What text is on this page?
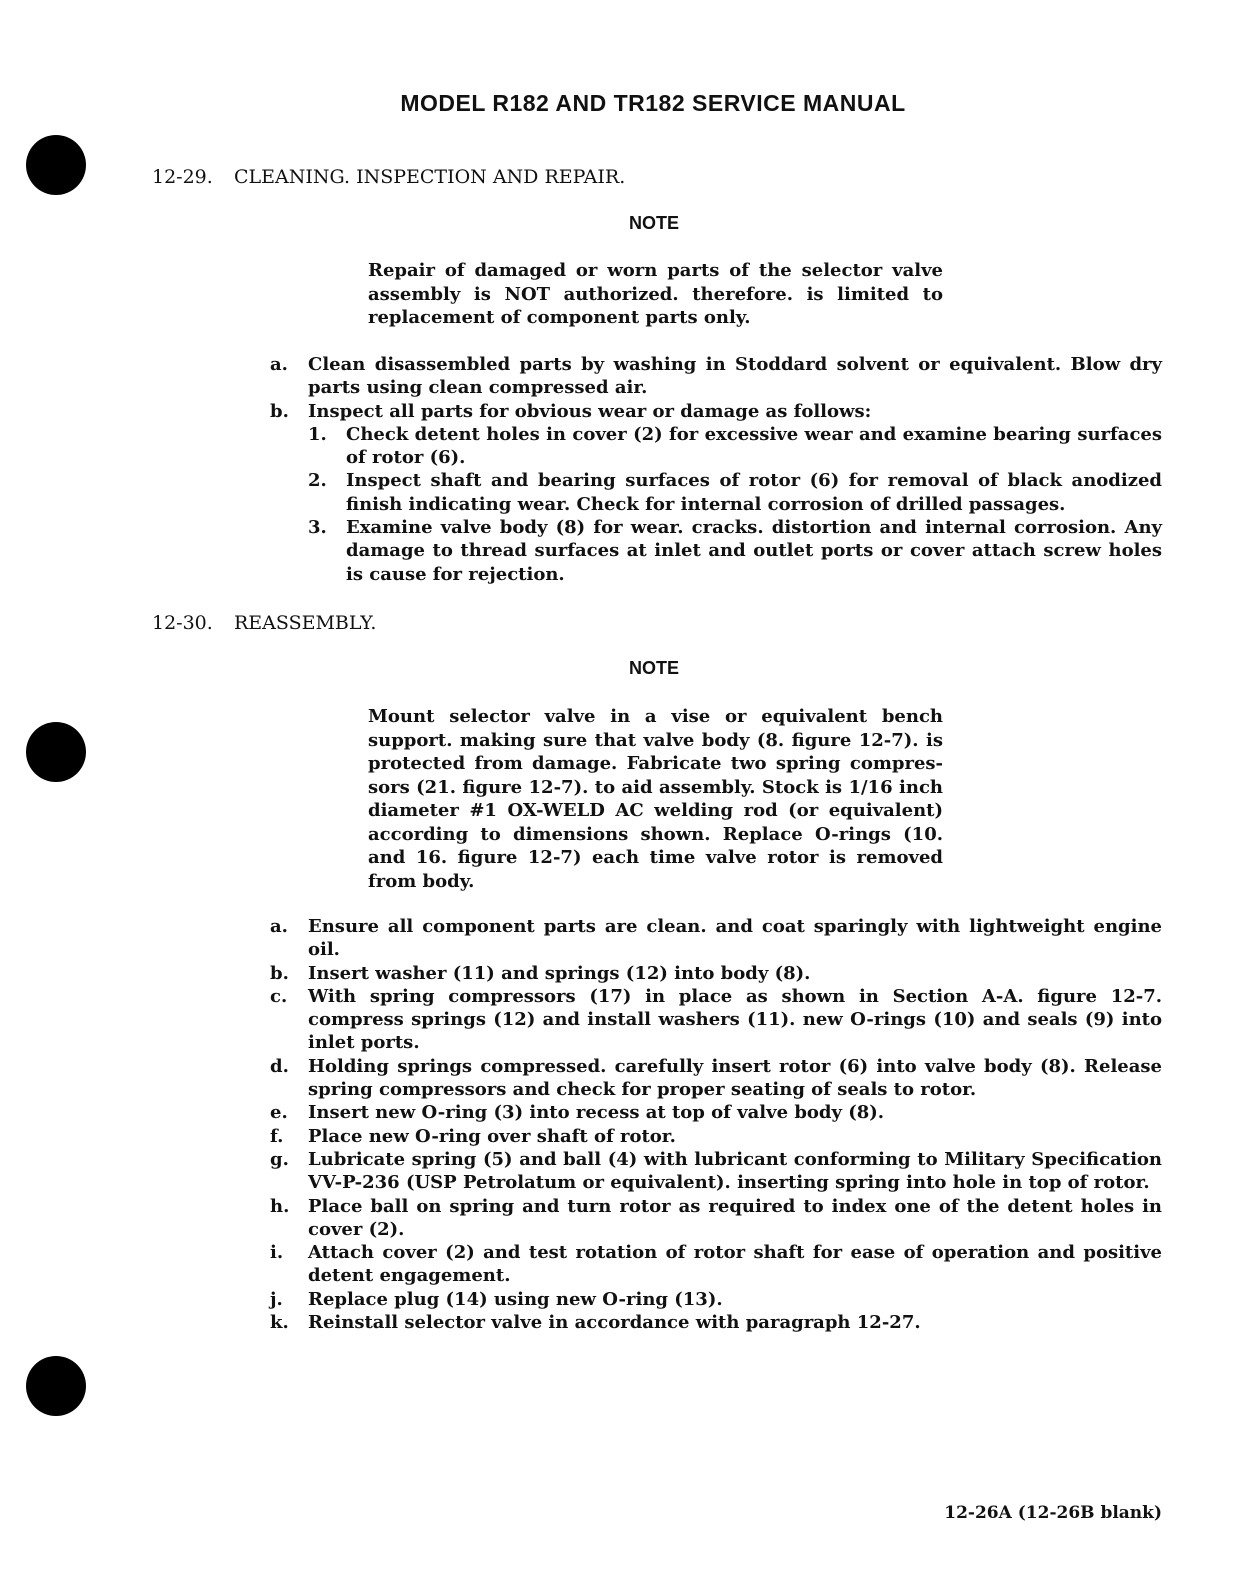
MODEL R182 AND TR182 SERVICE MANUAL
12-29. CLEANING. INSPECTION AND REPAIR.
NOTE
Repair of damaged or worn parts of the selector valve assembly is NOT authorized. therefore. is limited to replacement of component parts only.
a.	Clean disassembled parts by washing in Stoddard solvent or equivalent. Blow dry parts using clean compressed air.
b.	Inspect all parts for obvious wear or damage as follows:
1.	Check detent holes in cover (2) for excessive wear and examine bearing surfaces of rotor (6).
2.	Inspect shaft and bearing surfaces of rotor (6) for removal of black anodized finish indicating wear. Check for internal corrosion of drilled passages.
3.	Examine valve body (8) for wear. cracks. distortion and internal corrosion. Any damage to thread surfaces at inlet and outlet ports or cover attach screw holes is cause for rejection.
12-30. REASSEMBLY.
NOTE
Mount selector valve in a vise or equivalent bench support. making sure that valve body (8. figure 12-7). is protected from damage. Fabricate two spring compres-sors (21. figure 12-7). to aid assembly. Stock is 1/16 inch diameter #1 OX-WELD AC welding rod (or equivalent) according to dimensions shown. Replace O-rings (10. and 16. figure 12-7) each time valve rotor is removed from body.
a.	Ensure all component parts are clean. and coat sparingly with lightweight engine oil.
b.	Insert washer (11) and springs (12) into body (8).
c.	With spring compressors (17) in place as shown in Section A-A. figure 12-7. compress springs (12) and install washers (11). new O-rings (10) and seals (9) into inlet ports.
d.	Holding springs compressed. carefully insert rotor (6) into valve body (8). Release spring compressors and check for proper seating of seals to rotor.
e.	Insert new O-ring (3) into recess at top of valve body (8).
f.	Place new O-ring over shaft of rotor.
g.	Lubricate spring (5) and ball (4) with lubricant conforming to Military Specification VV-P-236 (USP Petrolatum or equivalent). inserting spring into hole in top of rotor.
h.	Place ball on spring and turn rotor as required to index one of the detent holes in cover (2).
i.	Attach cover (2) and test rotation of rotor shaft for ease of operation and positive detent engagement.
j.	Replace plug (14) using new O-ring (13).
k.	Reinstall selector valve in accordance with paragraph 12-27.
12-26A (12-26B blank)
